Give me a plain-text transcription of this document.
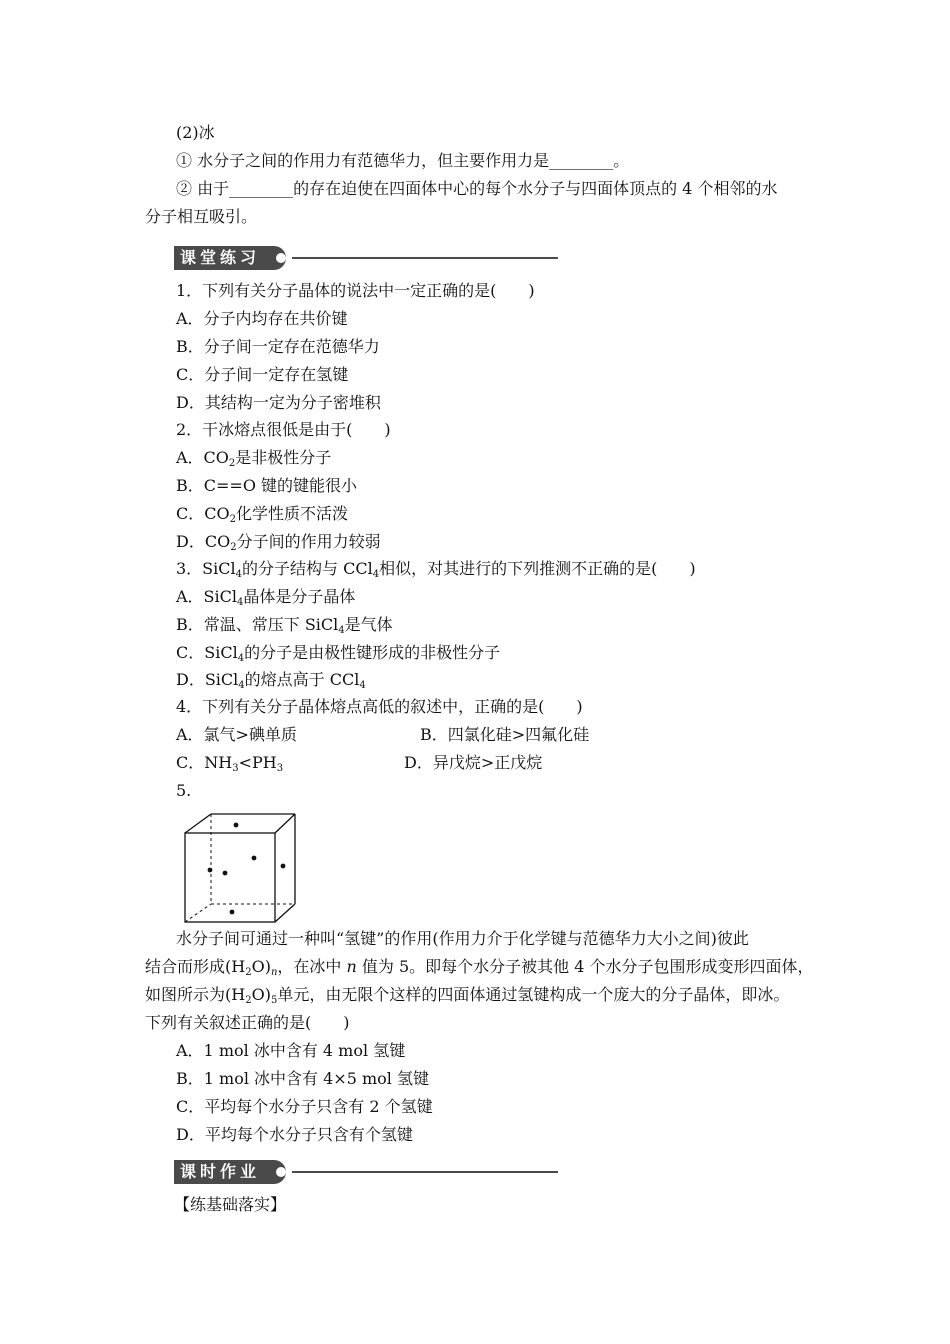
(2)冰
① 水分子之间的作用力有范德华力，但主要作用力是________。
② 由于________的存在迫使在四面体中心的每个水分子与四面体顶点的 4 个相邻的水
分子相互吸引。
课堂练习
1．下列有关分子晶体的说法中一定正确的是(　　)
A．分子内均存在共价键
B．分子间一定存在范德华力
C．分子间一定存在氢键
D．其结构一定为分子密堆积
2．干冰熔点很低是由于(　　)
A．$CO_2$是非极性分子
B．C==O 键的键能很小
C．$CO_2$化学性质不活泼
D．$CO_2$分子间的作用力较弱
3．SiCl$_4$的分子结构与 CCl$_4$相似，对其进行的下列推测不正确的是(　　)
A．SiCl$_4$晶体是分子晶体
B．常温、常压下 SiCl$_4$是气体
C．SiCl$_4$的分子是由极性键形成的非极性分子
D．SiCl$_4$的熔点高于 CCl$_4$
4．下列有关分子晶体熔点高低的叙述中，正确的是(　　)
A．氯气>碘单质	B．四氯化硅>四氟化硅
C．$NH_3<PH_3$	D．异戊烷>正戊烷
5.
水分子间可通过一种叫“氢键”的作用(作用力介于化学键与范德华力大小之间)彼此
结合而形成$(H_2O)_n$，在冰中 n 值为 5。即每个水分子被其他 4 个水分子包围形成变形四面体，
如图所示为$(H_2O)_5$单元，由无限个这样的四面体通过氢键构成一个庞大的分子晶体，即冰。
下列有关叙述正确的是(　　)
A．1 mol 冰中含有 4 mol 氢键
B．1 mol 冰中含有 4×5 mol 氢键
C．平均每个水分子只含有 2 个氢键
D．平均每个水分子只含有个氢键
课时作业
【练基础落实】
